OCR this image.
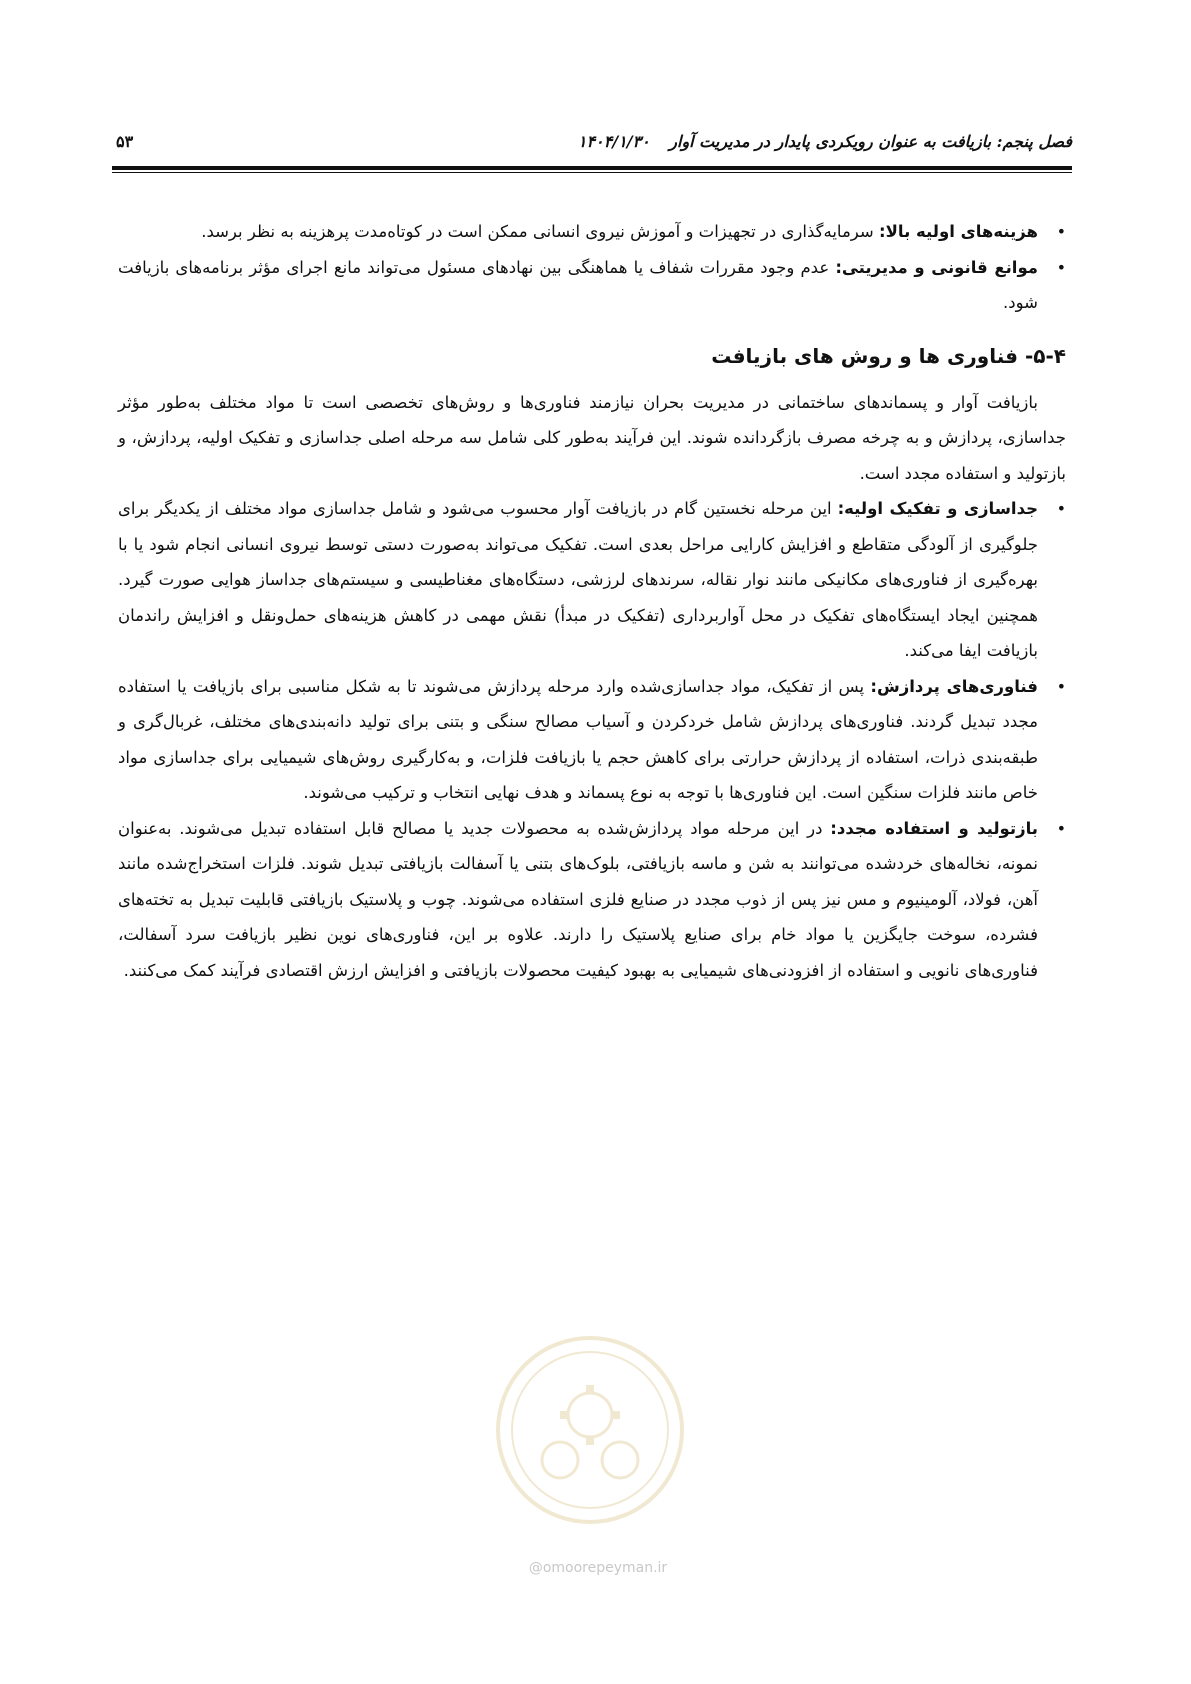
فصل پنجم: بازیافت به عنوان رویکردی پایدار در مدیریت آوار ۱۴۰۴/۱/۳۰
۵۳
•
هزینه‌های اولیه بالا: سرمایه‌گذاری در تجهیزات و آموزش نیروی انسانی ممکن است در کوتاه‌مدت پرهزینه به نظر برسد.
•
موانع قانونی و مدیریتی: عدم وجود مقررات شفاف یا هماهنگی بین نهادهای مسئول می‌تواند مانع اجرای مؤثر برنامه‌های بازیافت شود.
۵-۴- فناوری ها و روش های بازیافت

بازیافت آوار و پسماندهای ساختمانی در مدیریت بحران نیازمند فناوری‌ها و روش‌های تخصصی است تا مواد مختلف به‌طور مؤثر جداسازی، پردازش و به چرخه مصرف بازگردانده شوند. این فرآیند به‌طور کلی شامل سه مرحله اصلی جداسازی و تفکیک اولیه، پردازش، و بازتولید و استفاده مجدد است.

•
جداسازی و تفکیک اولیه: این مرحله نخستین گام در بازیافت آوار محسوب می‌شود و شامل جداسازی مواد مختلف از یکدیگر برای جلوگیری از آلودگی متقاطع و افزایش کارایی مراحل بعدی است. تفکیک می‌تواند به‌صورت دستی توسط نیروی انسانی انجام شود یا با بهره‌گیری از فناوری‌های مکانیکی مانند نوار نقاله، سرندهای لرزشی، دستگاه‌های مغناطیسی و سیستم‌های جداساز هوایی صورت گیرد. همچنین ایجاد ایستگاه‌های تفکیک در محل آواربرداری (تفکیک در مبدأ) نقش مهمی در کاهش هزینه‌های حمل‌ونقل و افزایش راندمان بازیافت ایفا می‌کند.
•
فناوری‌های پردازش: پس از تفکیک، مواد جداسازی‌شده وارد مرحله پردازش می‌شوند تا به شکل مناسبی برای بازیافت یا استفاده مجدد تبدیل گردند. فناوری‌های پردازش شامل خردکردن و آسیاب مصالح سنگی و بتنی برای تولید دانه‌بندی‌های مختلف، غربال‌گری و طبقه‌بندی ذرات، استفاده از پردازش حرارتی برای کاهش حجم یا بازیافت فلزات، و به‌کارگیری روش‌های شیمیایی برای جداسازی مواد خاص مانند فلزات سنگین است. این فناوری‌ها با توجه به نوع پسماند و هدف نهایی انتخاب و ترکیب می‌شوند.
•
بازتولید و استفاده مجدد: در این مرحله مواد پردازش‌شده به محصولات جدید یا مصالح قابل استفاده تبدیل می‌شوند. به‌عنوان نمونه، نخاله‌های خردشده می‌توانند به شن و ماسه بازیافتی، بلوک‌های بتنی یا آسفالت بازیافتی تبدیل شوند. فلزات استخراج‌شده مانند آهن، فولاد، آلومینیوم و مس نیز پس از ذوب مجدد در صنایع فلزی استفاده می‌شوند. چوب و پلاستیک بازیافتی قابلیت تبدیل به تخته‌های فشرده، سوخت جایگزین یا مواد خام برای صنایع پلاستیک را دارند. علاوه بر این، فناوری‌های نوین نظیر بازیافت سرد آسفالت، فناوری‌های نانویی و استفاده از افزودنی‌های شیمیایی به بهبود کیفیت محصولات بازیافتی و افزایش ارزش اقتصادی فرآیند کمک می‌کنند.
@omoorepeyman.ir
